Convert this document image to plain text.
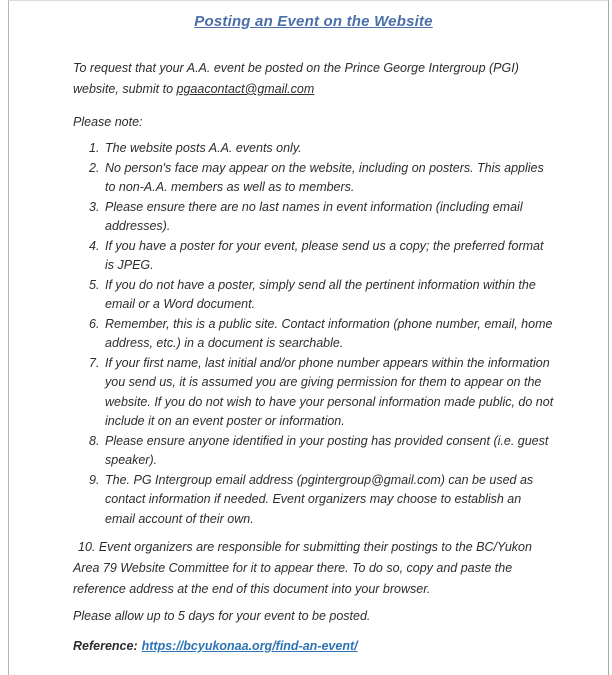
Posting an Event on the Website

To request that your A.A. event be posted on the Prince George Intergroup (PGI) website, submit to pgaacontact@gmail.com

Please note:

1. The website posts A.A. events only.
2. No person's face may appear on the website, including on posters. This applies to non-A.A. members as well as to members.
3. Please ensure there are no last names in event information (including email addresses).
4. If you have a poster for your event, please send us a copy; the preferred format is JPEG.
5. If you do not have a poster, simply send all the pertinent information within the email or a Word document.
6. Remember, this is a public site. Contact information (phone number, email, home address, etc.) in a document is searchable.
7. If your first name, last initial and/or phone number appears within the information you send us, it is assumed you are giving permission for them to appear on the website. If you do not wish to have your personal information made public, do not include it on an event poster or information.
8. Please ensure anyone identified in your posting has provided consent (i.e. guest speaker).
9. The. PG Intergroup email address (pgintergroup@gmail.com) can be used as contact information if needed. Event organizers may choose to establish an email account of their own.

10. Event organizers are responsible for submitting their postings to the BC/Yukon Area 79 Website Committee for it to appear there. To do so, copy and paste the reference address at the end of this document into your browser.

Please allow up to 5 days for your event to be posted.

Reference: https://bcyukonaa.org/find-an-event/
